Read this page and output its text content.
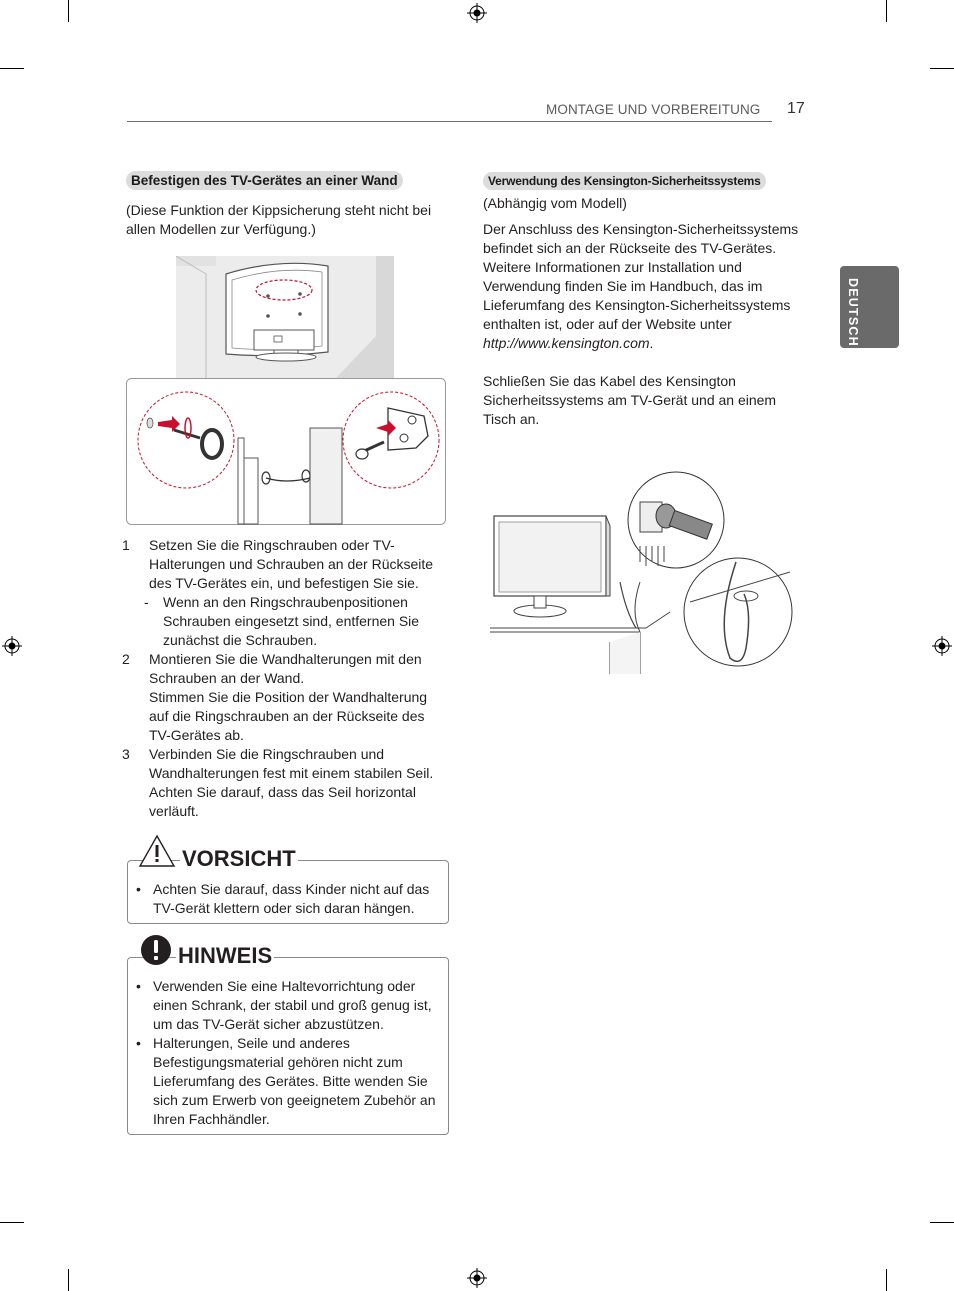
MONTAGE UND VORBEREITUNG 17
DEUTSCH
Befestigen des TV-Gerätes an einer Wand
(Diese Funktion der Kippsicherung steht nicht bei allen Modellen zur Verfügung.)
1 Setzen Sie die Ringschrauben oder TV-Halterungen und Schrauben an der Rückseite des TV-Gerätes ein, und befestigen Sie sie.
- Wenn an den Ringschraubenpositionen Schrauben eingesetzt sind, entfernen Sie zunächst die Schrauben.
2 Montieren Sie die Wandhalterungen mit den Schrauben an der Wand.

Stimmen Sie die Position der Wandhalterung auf die Ringschrauben an der Rückseite des TV-Gerätes ab.

3 Verbinden Sie die Ringschrauben und Wandhalterungen fest mit einem stabilen Seil. Achten Sie darauf, dass das Seil horizontal verläuft.
VORSICHT
• Achten Sie darauf, dass Kinder nicht auf das TV-Gerät klettern oder sich daran hängen.
HINWEIS
• Verwenden Sie eine Haltevorrichtung oder einen Schrank, der stabil und groß genug ist, um das TV-Gerät sicher abzustützen.
• Halterungen, Seile und anderes Befestigungsmaterial gehören nicht zum Lieferumfang des Gerätes. Bitte wenden Sie sich zum Erwerb von geeignetem Zubehör an Ihren Fachhändler.
Verwendung des Kensington-Sicherheitssystems
(Abhängig vom Modell)

Der Anschluss des Kensington-Sicherheitssystems befindet sich an der Rückseite des TV-Gerätes. Weitere Informationen zur Installation und Verwendung finden Sie im Handbuch, das im Lieferumfang des Kensington-Sicherheitssystems enthalten ist, oder auf der Website unter http://www.kensington.com.

Schließen Sie das Kabel des Kensington Sicherheitssystems am TV-Gerät und an einem Tisch an.
